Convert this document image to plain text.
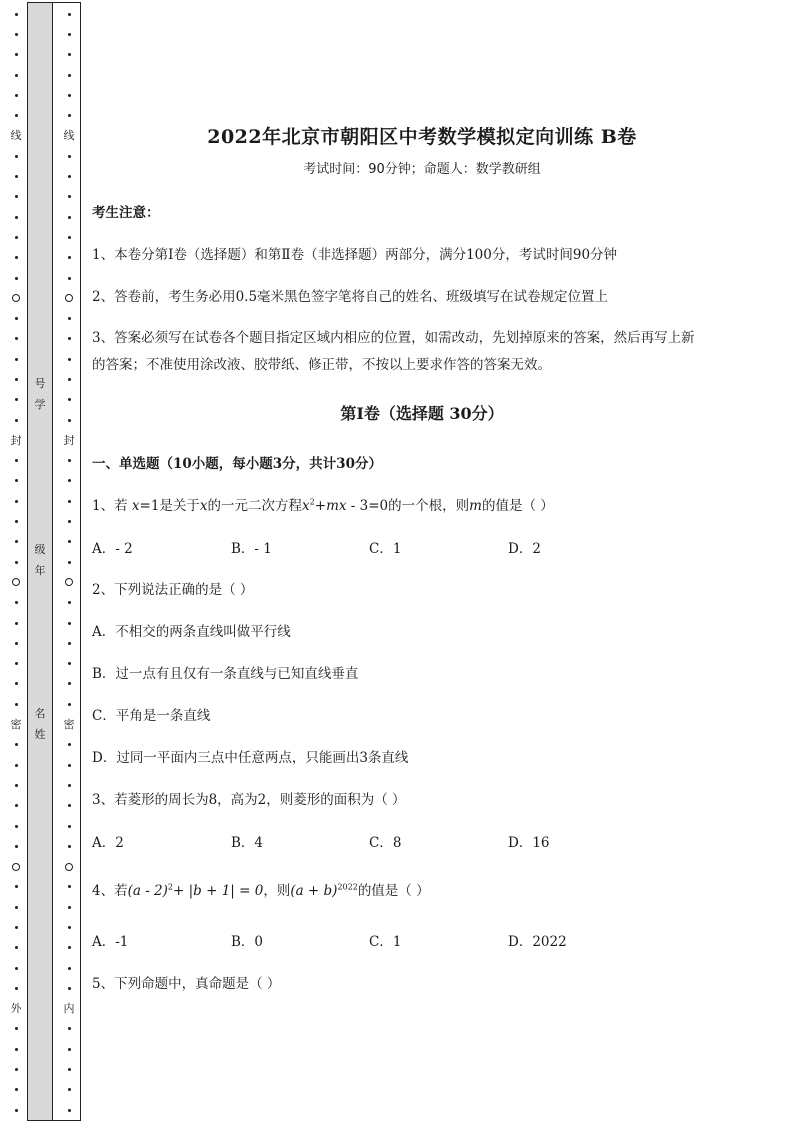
线
封
密
外
线
封
密
内
号
学
级
年
名
姓
2022年北京市朝阳区中考数学模拟定向训练 B卷
考试时间：90分钟；命题人：数学教研组
考生注意：
1、本卷分第I卷（选择题）和第Ⅱ卷（非选择题）两部分，满分100分，考试时间90分钟
2、答卷前，考生务必用0.5毫米黑色签字笔将自己的姓名、班级填写在试卷规定位置上
3、答案必须写在试卷各个题目指定区域内相应的位置，如需改动，先划掉原来的答案，然后再写上新
的答案；不准使用涂改液、胶带纸、修正带，不按以上要求作答的答案无效。
第I卷（选择题 30分）
一、单选题（10小题，每小题3分，共计30分）
1、若 x=1是关于x的一元二次方程$x^2+mx - 3=0$的一个根，则m的值是（ ）
A．- 2	B．- 1	C．1	D．2
2、下列说法正确的是（ ）
A．不相交的两条直线叫做平行线
B．过一点有且仅有一条直线与已知直线垂直
C．平角是一条直线
D．过同一平面内三点中任意两点，只能画出3条直线
3、若菱形的周长为8，高为2，则菱形的面积为（ ）
A．2	B．4	C．8	D．16
4、若(a - 2)$^2$+ |b + 1| = 0，则$(a + b)^{2022}$的值是（ ）
A．-1	B．0	C．1	D．2022
5、下列命题中，真命题是（ ）
